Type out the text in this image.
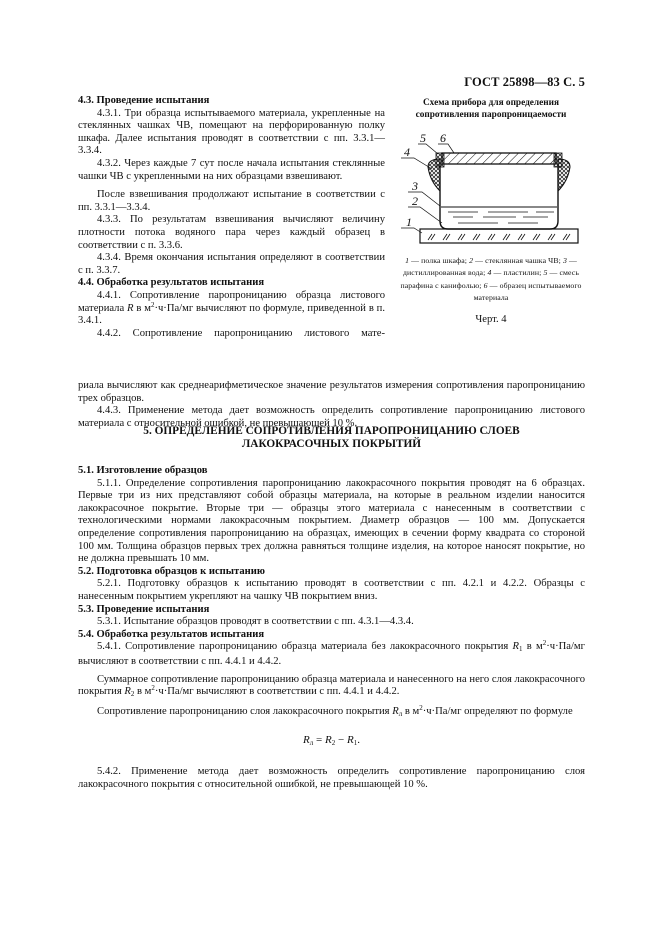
ГОСТ 25898—83 С. 5

4.3. Проведение испытания

4.3.1. Три образца испытываемого материала, укрепленные на стеклянных чашках ЧВ, помещают на перфорированную полку шкафа. Далее испытания проводят в соответствии с пп. 3.3.1—3.3.4.

4.3.2. Через каждые 7 сут после начала испытания стеклянные чашки ЧВ с укрепленными на них образцами взвешивают.

После взвешивания продолжают испытание в соответствии с пп. 3.3.1—3.3.4.

4.3.3. По результатам взвешивания вычисляют величину плотности потока водяного пара через каждый образец в соответствии с п. 3.3.6.

4.3.4. Время окончания испытания определяют в соответствии с п. 3.3.7.

4.4. Обработка результатов испытания

4.4.1. Сопротивление паропроницанию образца листового материала R в $м^2\cdot ч\cdot Па/мг$ вычисляют по формуле, приведенной в п. 3.4.1.

4.4.2. Сопротивление паропроницанию листового мате-

Схема прибора для определения
сопротивления паропроницаемости
5 6
4
3
2
1
1 — полка шкафа; 2 — стеклянная чашка ЧВ; 3 — дистиллированная вода; 4 — пластилин; 5 — смесь парафина с канифолью; 6 — образец испытываемого материала
Черт. 4

риала вычисляют как среднеарифметическое значение результатов измерения сопротивления паропроницанию трех образцов.

4.4.3. Применение метода дает возможность определить сопротивление паропроницанию листового материала с относительной ошибкой, не превышающей 10 %.

5. ОПРЕДЕЛЕНИЕ СОПРОТИВЛЕНИЯ ПАРОПРОНИЦАНИЮ СЛОЕВ
ЛАКОКРАСОЧНЫХ ПОКРЫТИЙ

5.1. Изготовление образцов

5.1.1. Определение сопротивления паропроницанию лакокрасочного покрытия проводят на 6 образцах. Первые три из них представляют собой образцы материала, на которые в реальном изделии наносится лакокрасочное покрытие. Вторые три — образцы этого материала с нанесенным в соответствии с технологическими нормами лакокрасочным покрытием. Диаметр образцов — 100 мм. Допускается определение сопротивления паропроницанию на образцах, имеющих в сечении форму квадрата со стороной 100 мм. Толщина образцов первых трех должна равняться толщине изделия, на которое наносят покрытие, но не должна превышать 10 мм.

5.2. Подготовка образцов к испытанию

5.2.1. Подготовку образцов к испытанию проводят в соответствии с пп. 4.2.1 и 4.2.2. Образцы с нанесенным покрытием укрепляют на чашку ЧВ покрытием вниз.

5.3. Проведение испытания

5.3.1. Испытание образцов проводят в соответствии с пп. 4.3.1—4.3.4.

5.4. Обработка результатов испытания

5.4.1. Сопротивление паропроницанию образца материала без лакокрасочного покрытия $R_1$ в $м^2\cdot ч\cdot Па/мг$ вычисляют в соответствии с пп. 4.4.1 и 4.4.2.

Суммарное сопротивление паропроницанию образца материала и нанесенного на него слоя лакокрасочного покрытия $R_2$ в $м^2\cdot ч\cdot Па/мг$ вычисляют в соответствии с пп. 4.4.1 и 4.4.2.

Сопротивление паропроницанию слоя лакокрасочного покрытия $R_л$ в $м^2\cdot ч\cdot Па/мг$ определяют по формуле

$R_л = R_2 - R_1$.

5.4.2. Применение метода дает возможность определить сопротивление паропроницанию слоя лакокрасочного покрытия с относительной ошибкой, не превышающей 10 %.
